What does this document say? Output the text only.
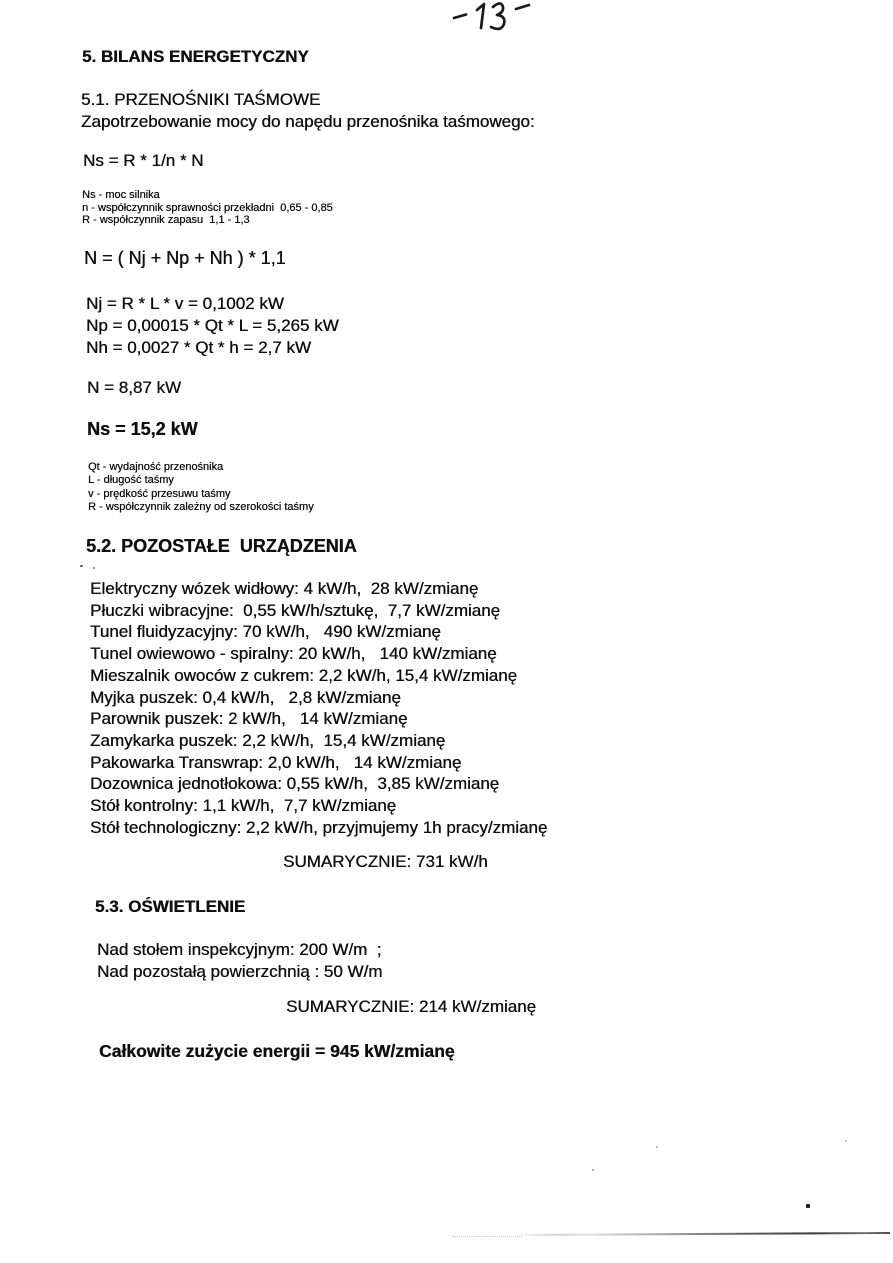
5. BILANS ENERGETYCZNY
5.1. PRZENOŚNIKI TAŚMOWE
Zapotrzebowanie mocy do napędu przenośnika taśmowego:
Ns = R * 1/n * N
Ns - moc silnika
n - współczynnik sprawności przekładni  0,65 - 0,85
R - współczynnik zapasu  1,1 - 1,3
N = ( Nj + Np + Nh ) * 1,1
Nj = R * L * v = 0,1002 kW
Np = 0,00015 * Qt * L = 5,265 kW
Nh = 0,0027 * Qt * h = 2,7 kW
N = 8,87 kW
Ns = 15,2 kW
Qt - wydajność przenośnika
L - długość taśmy
v - prędkość przesuwu taśmy
R - współczynnik zależny od szerokości taśmy
5.2. POZOSTAŁE  URZĄDZENIA
Elektryczny wózek widłowy: 4 kW/h,  28 kW/zmianę
Płuczki wibracyjne:  0,55 kW/h/sztukę,  7,7 kW/zmianę
Tunel fluidyzacyjny: 70 kW/h,   490 kW/zmianę
Tunel owiewowo - spiralny: 20 kW/h,   140 kW/zmianę
Mieszalnik owoców z cukrem: 2,2 kW/h, 15,4 kW/zmianę
Myjka puszek: 0,4 kW/h,   2,8 kW/zmianę
Parownik puszek: 2 kW/h,   14 kW/zmianę
Zamykarka puszek: 2,2 kW/h,  15,4 kW/zmianę
Pakowarka Transwrap: 2,0 kW/h,   14 kW/zmianę
Dozownica jednotłokowa: 0,55 kW/h,  3,85 kW/zmianę
Stół kontrolny: 1,1 kW/h,  7,7 kW/zmianę
Stół technologiczny: 2,2 kW/h, przyjmujemy 1h pracy/zmianę
SUMARYCZNIE: 731 kW/h
5.3. OŚWIETLENIE
Nad stołem inspekcyjnym: 200 W/m  ;
Nad pozostałą powierzchnią : 50 W/m
SUMARYCZNIE: 214 kW/zmianę
Całkowite zużycie energii = 945 kW/zmianę
